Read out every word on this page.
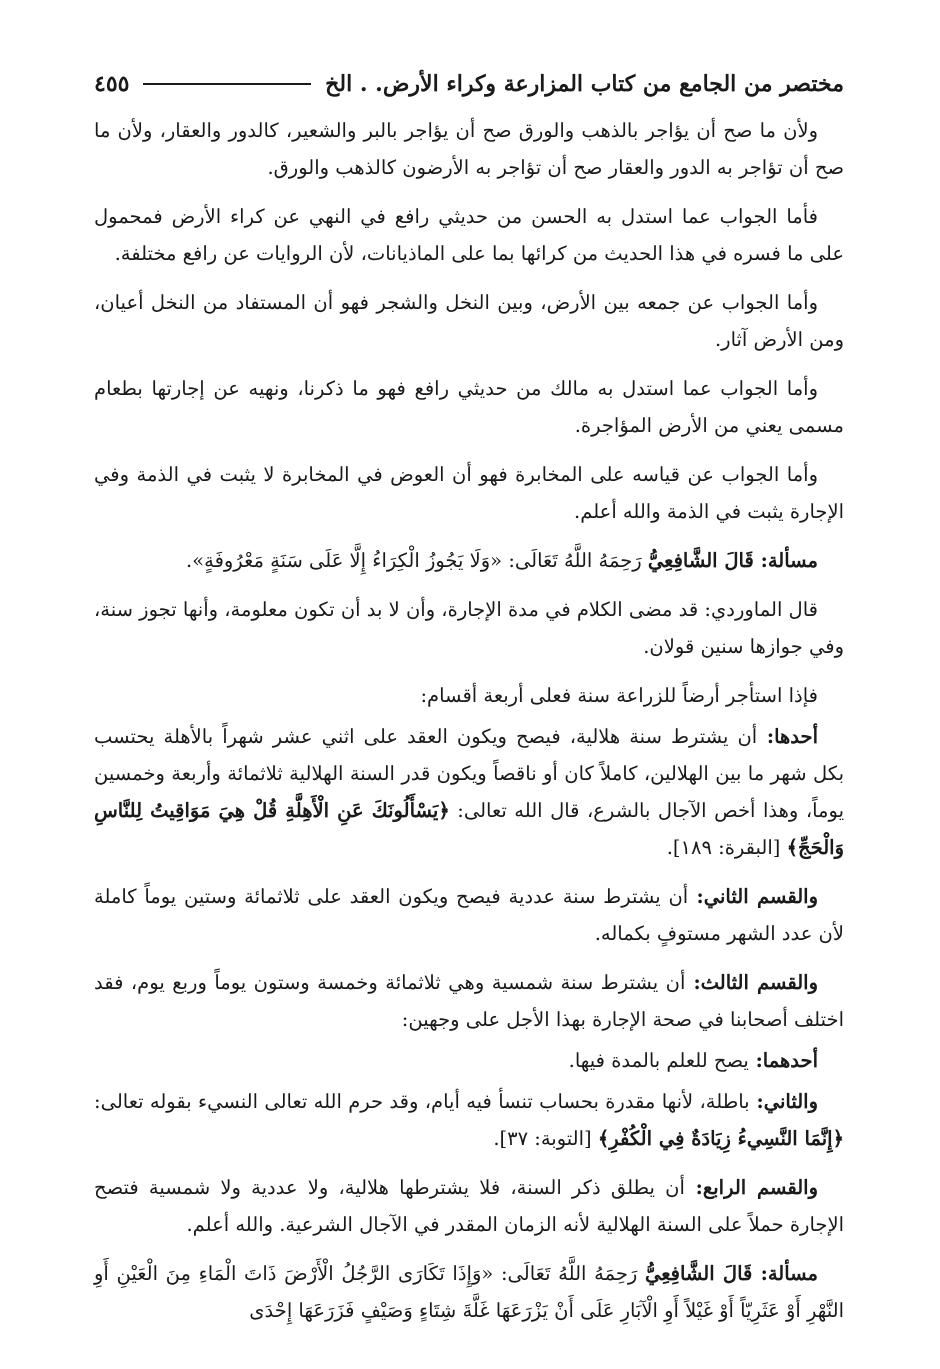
مختصر من الجامع من كتاب المزارعة وكراء الأرض. . الخ
٤٥٥

ولأن ما صح أن يؤاجر بالذهب والورق صح أن يؤاجر بالبر والشعير، كالدور والعقار، ولأن ما صح أن تؤاجر به الدور والعقار صح أن تؤاجر به الأرضون كالذهب والورق.

فأما الجواب عما استدل به الحسن من حديثي رافع في النهي عن كراء الأرض فمحمول على ما فسره في هذا الحديث من كرائها بما على الماذيانات، لأن الروايات عن رافع مختلفة.

وأما الجواب عن جمعه بين الأرض، وبين النخل والشجر فهو أن المستفاد من النخل أعيان، ومن الأرض آثار.

وأما الجواب عما استدل به مالك من حديثي رافع فهو ما ذكرنا، ونهيه عن إجارتها بطعام مسمى يعني من الأرض المؤاجرة.

وأما الجواب عن قياسه على المخابرة فهو أن العوض في المخابرة لا يثبت في الذمة وفي الإجارة يثبت في الذمة والله أعلم.

مسألة: قَالَ الشَّافِعِيُّ رَحِمَهُ اللَّهُ تَعَالَى: «وَلَا يَجُوزُ الْكِرَاءُ إِلَّا عَلَى سَنَةٍ مَعْرُوفَةٍ».

قال الماوردي: قد مضى الكلام في مدة الإجارة، وأن لا بد أن تكون معلومة، وأنها تجوز سنة، وفي جوازها سنين قولان.

فإذا استأجر أرضاً للزراعة سنة فعلى أربعة أقسام:

أحدها: أن يشترط سنة هلالية، فيصح ويكون العقد على اثني عشر شهراً بالأهلة يحتسب بكل شهر ما بين الهلالين، كاملاً كان أو ناقصاً ويكون قدر السنة الهلالية ثلاثمائة وأربعة وخمسين يوماً، وهذا أخص الآجال بالشرع، قال الله تعالى: ﴿يَسْأَلُونَكَ عَنِ الْأَهِلَّةِ قُلْ هِيَ مَوَاقِيتُ لِلنَّاسِ وَالْحَجِّ﴾ [البقرة: ١٨٩].

والقسم الثاني: أن يشترط سنة عددية فيصح ويكون العقد على ثلاثمائة وستين يوماً كاملة لأن عدد الشهر مستوفٍ بكماله.

والقسم الثالث: أن يشترط سنة شمسية وهي ثلاثمائة وخمسة وستون يوماً وربع يوم، فقد اختلف أصحابنا في صحة الإجارة بهذا الأجل على وجهين:

أحدهما: يصح للعلم بالمدة فيها.

والثاني: باطلة، لأنها مقدرة بحساب تنسأ فيه أيام، وقد حرم الله تعالى النسيء بقوله تعالى: ﴿إِنَّمَا النَّسِيءُ زِيَادَةٌ فِي الْكُفْرِ﴾ [التوبة: ٣٧].

والقسم الرابع: أن يطلق ذكر السنة، فلا يشترطها هلالية، ولا عددية ولا شمسية فتصح الإجارة حملاً على السنة الهلالية لأنه الزمان المقدر في الآجال الشرعية. والله أعلم.

مسألة: قَالَ الشَّافِعِيُّ رَحِمَهُ اللَّهُ تَعَالَى: «وَإِذَا تَكَارَى الرَّجُلُ الْأَرْضَ ذَاتَ الْمَاءِ مِنَ الْعَيْنِ أَوِ النَّهْرِ أَوْ عَثَرِيّاً أَوْ غَيْلاً أَوِ الْآبَارِ عَلَى أَنْ يَزْرَعَهَا غَلَّةَ شِتَاءٍ وَصَيْفٍ فَزَرَعَهَا إِحْدَى
